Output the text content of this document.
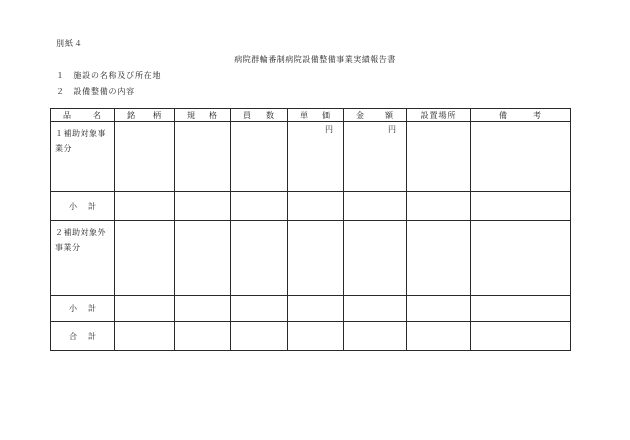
別紙４
病院群輪番制病院設備整備事業実績報告書
１ 施設の名称及び所在地
２ 設備整備の内容
品 名	銘 柄	規 格	員 数	単 価	金 額	設置場所	備 考

１補助対象事業分				円	円		

小 計							

２補助対象外事業分							

小 計							

合 計							
